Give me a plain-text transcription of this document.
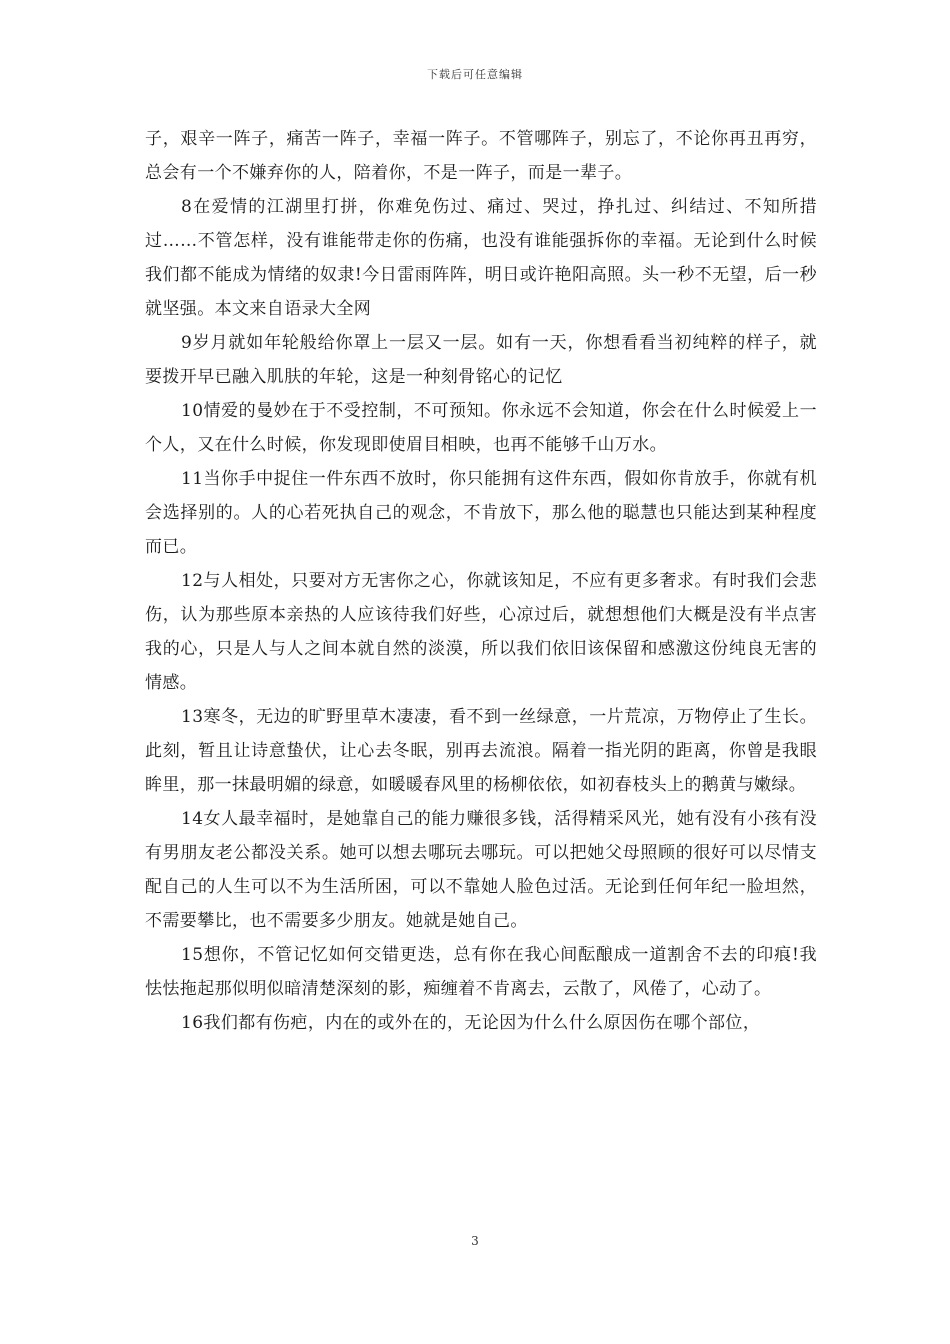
下载后可任意编辑

子，艰辛一阵子，痛苦一阵子，幸福一阵子。不管哪阵子，别忘了，不论你再丑再穷，总会有一个不嫌弃你的人，陪着你，不是一阵子，而是一辈子。

8在爱情的江湖里打拼，你难免伤过、痛过、哭过，挣扎过、纠结过、不知所措过……不管怎样，没有谁能带走你的伤痛，也没有谁能强拆你的幸福。无论到什么时候我们都不能成为情绪的奴隶!今日雷雨阵阵，明日或许艳阳高照。头一秒不无望，后一秒就坚强。本文来自语录大全网

9岁月就如年轮般给你罩上一层又一层。如有一天，你想看看当初纯粹的样子，就要拨开早已融入肌肤的年轮，这是一种刻骨铭心的记忆

10情爱的曼妙在于不受控制，不可预知。你永远不会知道，你会在什么时候爱上一个人，又在什么时候，你发现即使眉目相映，也再不能够千山万水。

11当你手中捉住一件东西不放时，你只能拥有这件东西，假如你肯放手，你就有机会选择别的。人的心若死执自己的观念，不肯放下，那么他的聪慧也只能达到某种程度而已。

12与人相处，只要对方无害你之心，你就该知足，不应有更多奢求。有时我们会悲伤，认为那些原本亲热的人应该待我们好些，心凉过后，就想想他们大概是没有半点害我的心，只是人与人之间本就自然的淡漠，所以我们依旧该保留和感激这份纯良无害的情感。

13寒冬，无边的旷野里草木凄凄，看不到一丝绿意，一片荒凉，万物停止了生长。此刻，暂且让诗意蛰伏，让心去冬眠，别再去流浪。隔着一指光阴的距离，你曾是我眼眸里，那一抹最明媚的绿意，如暖暖春风里的杨柳依依，如初春枝头上的鹅黄与嫩绿。

14女人最幸福时，是她靠自己的能力赚很多钱，活得精采风光，她有没有小孩有没有男朋友老公都没关系。她可以想去哪玩去哪玩。可以把她父母照顾的很好可以尽情支配自己的人生可以不为生活所困，可以不靠她人脸色过活。无论到任何年纪一脸坦然，不需要攀比，也不需要多少朋友。她就是她自己。

15想你，不管记忆如何交错更迭，总有你在我心间酝酿成一道割舍不去的印痕!我怯怯拖起那似明似暗清楚深刻的影，痴缠着不肯离去，云散了，风倦了，心动了。

16我们都有伤疤，内在的或外在的，无论因为什么什么原因伤在哪个部位，

3
